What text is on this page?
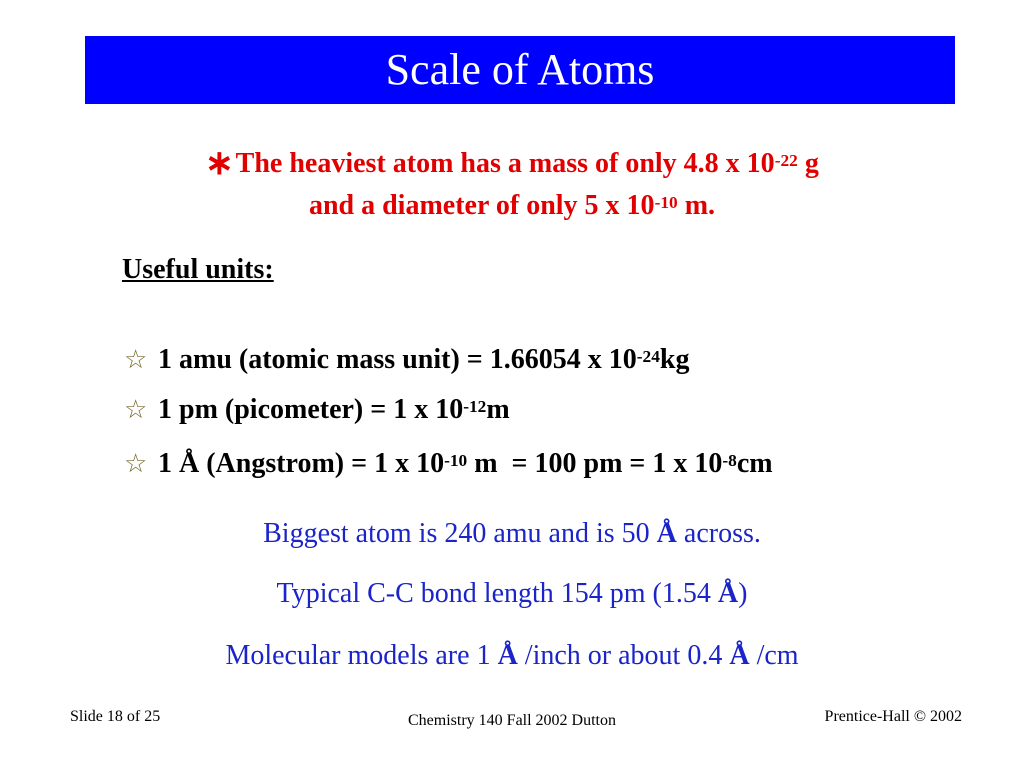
Scale of Atoms
∗The heaviest atom has a mass of only 4.8 x $10^{-22}$ g
and a diameter of only 5 x $10^{-10}$ m.
Useful units:
☆ 1 amu (atomic mass unit) = 1.66054 x $10^{-24}$ kg
☆ 1 pm (picometer) = 1 x $10^{-12}$ m
☆ 1 Å (Angstrom) = 1 x $10^{-10}$ m  = 100 pm = 1 x $10^{-8}$ cm
Biggest atom is 240 amu and is 50 Å across.
Typical C-C bond length 154 pm (1.54 Å)
Molecular models are 1 Å /inch or about 0.4 Å /cm
Slide 18 of 25	Chemistry 140 Fall 2002 Dutton	Prentice-Hall © 2002
